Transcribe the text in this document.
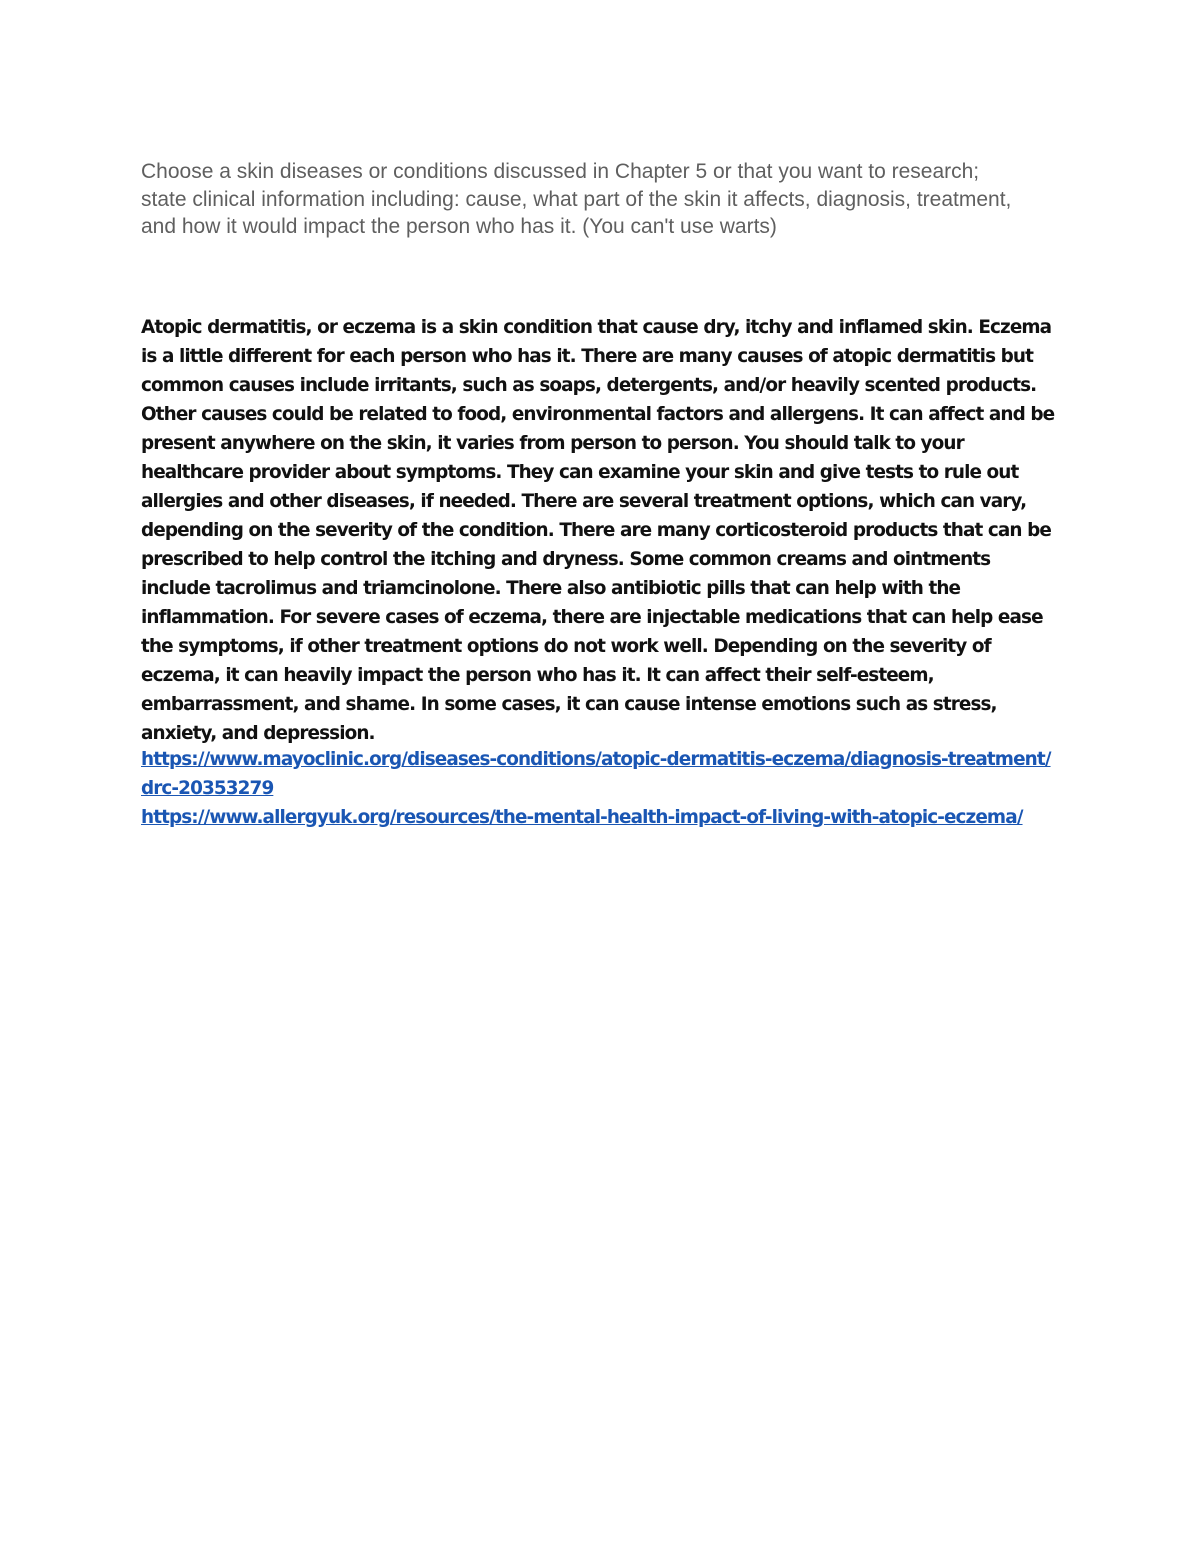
Choose a skin diseases or conditions discussed in Chapter 5 or that you want to research; state clinical information including: cause, what part of the skin it affects, diagnosis, treatment, and how it would impact the person who has it. (You can't use warts)

Atopic dermatitis, or eczema is a skin condition that cause dry, itchy and inflamed skin. Eczema is a little different for each person who has it. There are many causes of atopic dermatitis but common causes include irritants, such as soaps, detergents, and/or heavily scented products. Other causes could be related to food, environmental factors and allergens. It can affect and be present anywhere on the skin, it varies from person to person. You should talk to your healthcare provider about symptoms. They can examine your skin and give tests to rule out allergies and other diseases, if needed. There are several treatment options, which can vary, depending on the severity of the condition. There are many corticosteroid products that can be prescribed to help control the itching and dryness. Some common creams and ointments include tacrolimus and triamcinolone. There also antibiotic pills that can help with the inflammation. For severe cases of eczema, there are injectable medications that can help ease the symptoms, if other treatment options do not work well. Depending on the severity of eczema, it can heavily impact the person who has it. It can affect their self-esteem, embarrassment, and shame. In some cases, it can cause intense emotions such as stress, anxiety, and depression.

https://www.mayoclinic.org/diseases-conditions/atopic-dermatitis-eczema/diagnosis-treatment/drc-20353279
https://www.allergyuk.org/resources/the-mental-health-impact-of-living-with-atopic-eczema/
